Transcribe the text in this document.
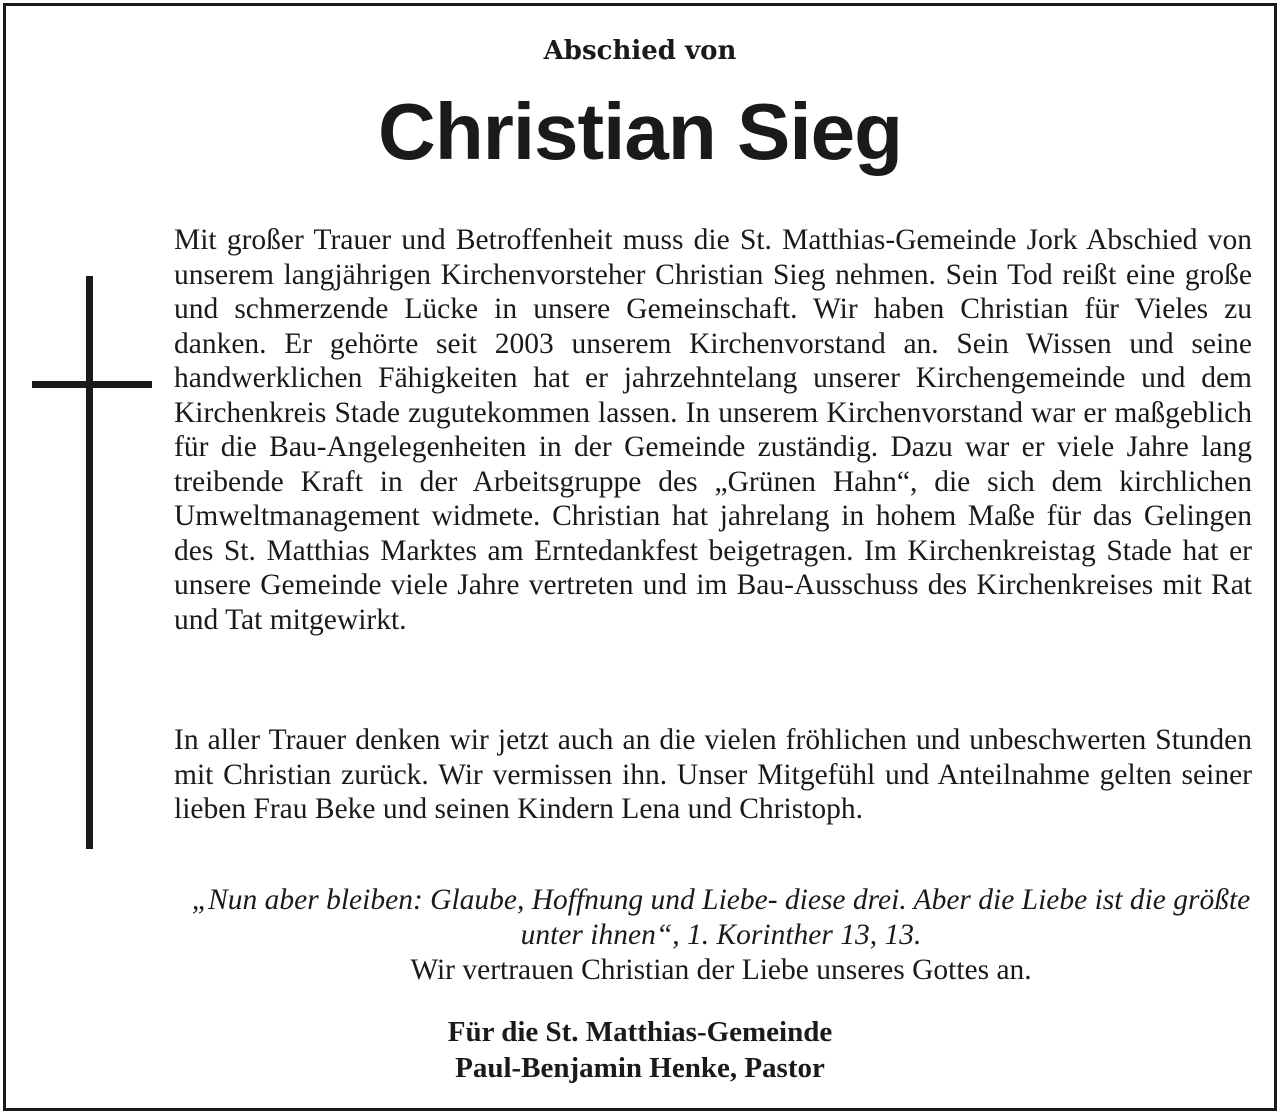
Abschied von
Christian Sieg

Mit großer Trauer und Betroffenheit muss die St. Matthias-Gemeinde Jork Abschied von unserem langjährigen Kirchenvorsteher Christian Sieg nehmen. Sein Tod reißt eine große und schmerzende Lücke in unsere Gemeinschaft. Wir haben Christian für Vieles zu danken. Er gehörte seit 2003 unserem Kirchenvorstand an. Sein Wissen und seine handwerklichen Fähigkeiten hat er jahrzehntelang unserer Kirchengemeinde und dem Kirchenkreis Stade zugutekommen lassen. In unserem Kirchenvorstand war er maßgeblich für die Bau-Angelegenheiten in der Gemeinde zuständig. Dazu war er viele Jahre lang treibende Kraft in der Arbeitsgruppe des „Grünen Hahn“, die sich dem kirchlichen Umweltmanagement widmete. Christian hat jahrelang in hohem Maße für das Gelingen des St. Matthias Marktes am Erntedankfest beigetragen. Im Kirchenkreistag Stade hat er unsere Gemeinde viele Jahre vertreten und im Bau-Ausschuss des Kirchenkreises mit Rat und Tat mitgewirkt.

In aller Trauer denken wir jetzt auch an die vielen fröhlichen und unbeschwerten Stunden mit Christian zurück. Wir vermissen ihn. Unser Mitgefühl und Anteilnahme gelten seiner lieben Frau Beke und seinen Kindern Lena und Christoph.

„Nun aber bleiben: Glaube, Hoffnung und Liebe- diese drei. Aber die Liebe ist die größte unter ihnen“, 1. Korinther 13, 13.
Wir vertrauen Christian der Liebe unseres Gottes an.
Für die St. Matthias-Gemeinde
Paul-Benjamin Henke, Pastor
